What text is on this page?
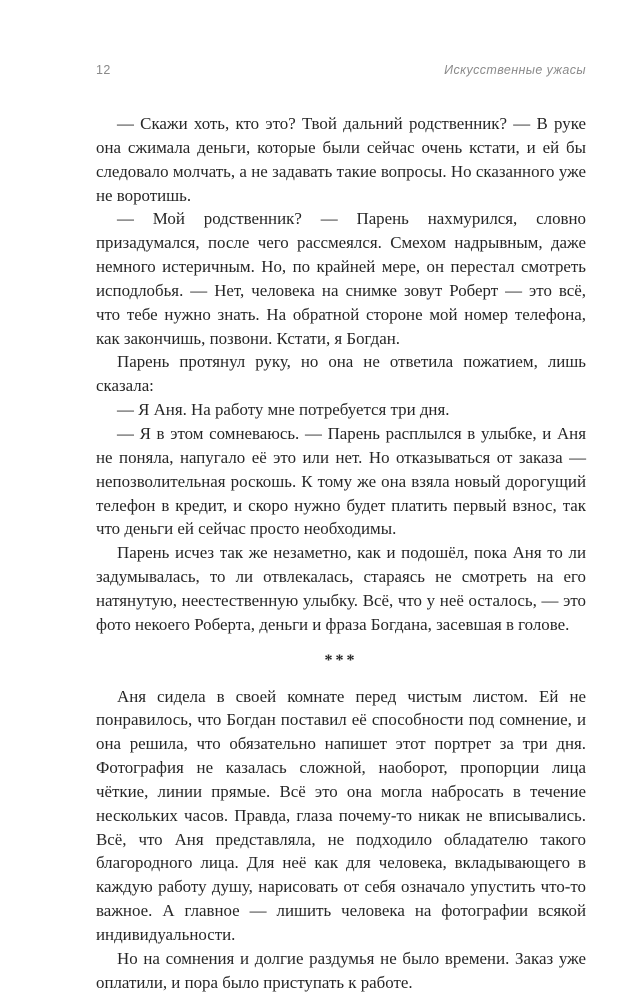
12	Искусственные ужасы

— Скажи хоть, кто это? Твой дальний родственник? — В руке она сжимала деньги, которые были сейчас очень кстати, и ей бы следовало молчать, а не задавать такие вопросы. Но сказанного уже не воротишь.

— Мой родственник? — Парень нахмурился, словно призадумался, после чего рассмеялся. Смехом надрывным, даже немного истеричным. Но, по крайней мере, он перестал смотреть исподлобья. — Нет, человека на снимке зовут Роберт — это всё, что тебе нужно знать. На обратной стороне мой номер телефона, как закончишь, позвони. Кстати, я Богдан.

Парень протянул руку, но она не ответила пожатием, лишь сказала:

— Я Аня. На работу мне потребуется три дня.

— Я в этом сомневаюсь. — Парень расплылся в улыбке, и Аня не поняла, напугало её это или нет. Но отказываться от заказа — непозволительная роскошь. К тому же она взяла новый дорогущий телефон в кредит, и скоро нужно будет платить первый взнос, так что деньги ей сейчас просто необходимы.

Парень исчез так же незаметно, как и подошёл, пока Аня то ли задумывалась, то ли отвлекалась, стараясь не смотреть на его натянутую, неестественную улыбку. Всё, что у неё осталось, — это фото некоего Роберта, деньги и фраза Богдана, засевшая в голове.

***

Аня сидела в своей комнате перед чистым листом. Ей не понравилось, что Богдан поставил её способности под сомнение, и она решила, что обязательно напишет этот портрет за три дня. Фотография не казалась сложной, наоборот, пропорции лица чёткие, линии прямые. Всё это она могла набросать в течение нескольких часов. Правда, глаза почему-то никак не вписывались. Всё, что Аня представляла, не подходило обладателю такого благородного лица. Для неё как для человека, вкладывающего в каждую работу душу, нарисовать от себя означало упустить что-то важное. А главное — лишить человека на фотографии всякой индивидуальности.

Но на сомнения и долгие раздумья не было времени. Заказ уже оплатили, и пора было приступать к работе.
